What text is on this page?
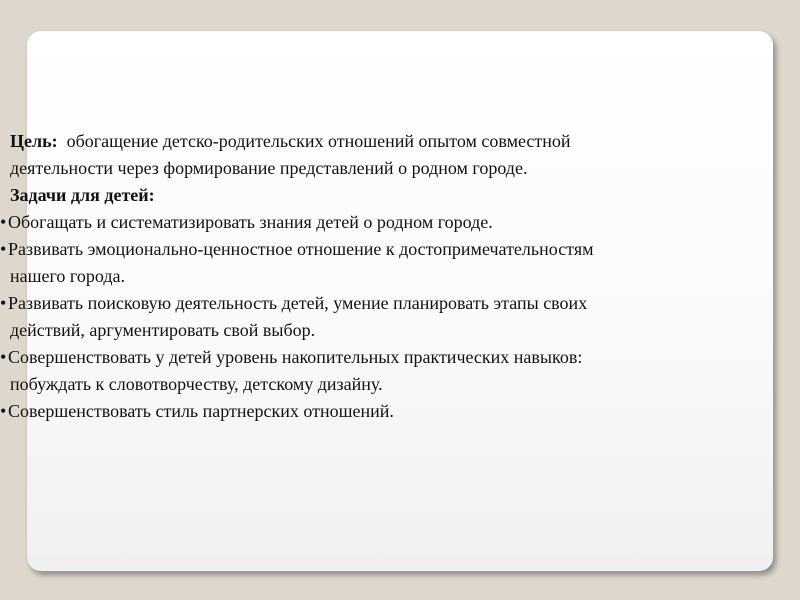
Цель: обогащение детско-родительских отношений опытом совместной
деятельности через формирование представлений о родном городе.
Задачи для детей:
•Обогащать и систематизировать знания детей о родном городе.
•Развивать эмоционально-ценностное отношение к достопримечательностям
нашего города.
•Развивать поисковую деятельность детей, умение планировать этапы своих
действий, аргументировать свой выбор.
•Совершенствовать у детей уровень накопительных практических навыков:
побуждать к словотворчеству, детскому дизайну.
•Совершенствовать стиль партнерских отношений.
